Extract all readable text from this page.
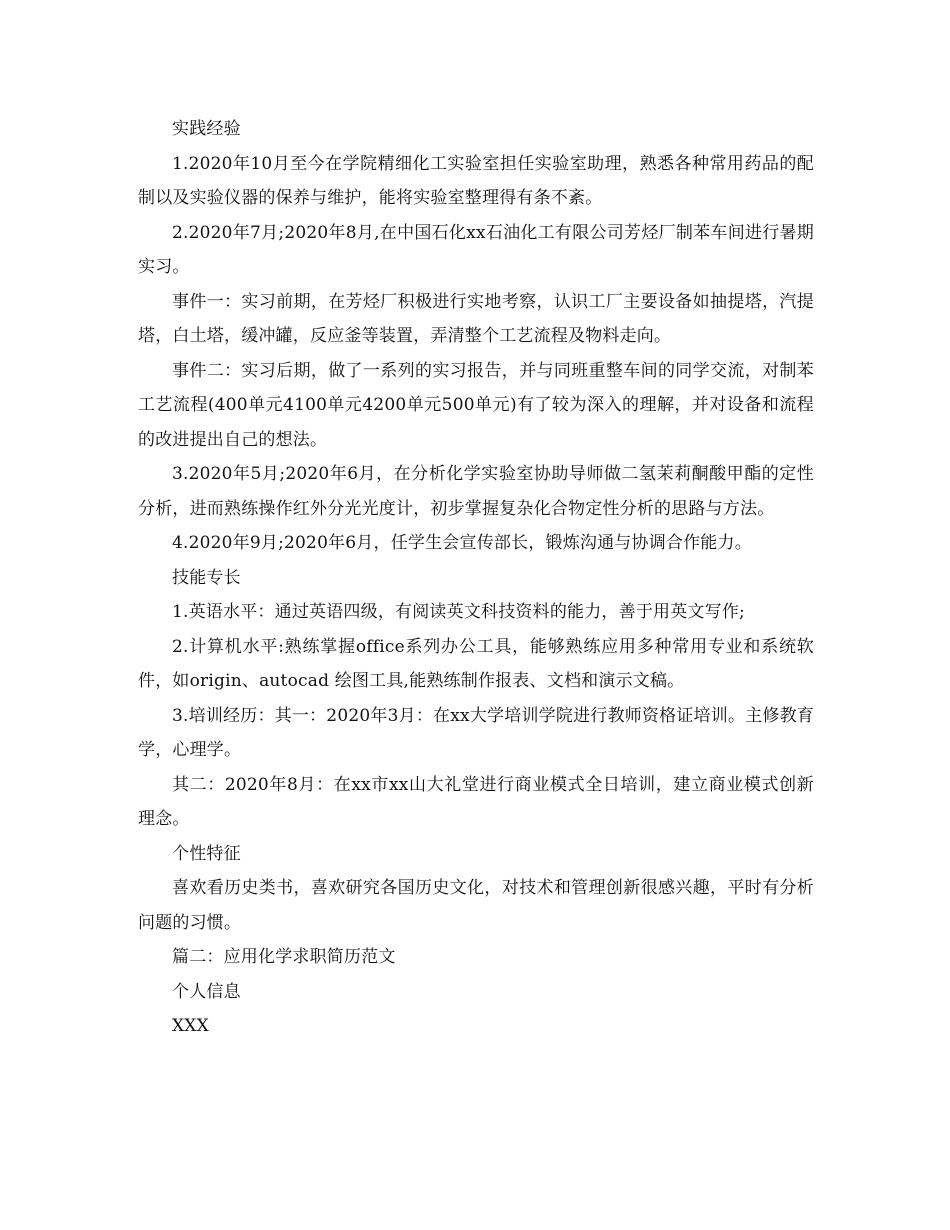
实践经验

1.2020年10月至今在学院精细化工实验室担任实验室助理，熟悉各种常用药品的配制以及实验仪器的保养与维护，能将实验室整理得有条不紊。

2.2020年7月;2020年8月,在中国石化xx石油化工有限公司芳烃厂制苯车间进行暑期实习。

事件一：实习前期，在芳烃厂积极进行实地考察，认识工厂主要设备如抽提塔，汽提塔，白土塔，缓冲罐，反应釜等装置，弄清整个工艺流程及物料走向。

事件二：实习后期，做了一系列的实习报告，并与同班重整车间的同学交流，对制苯工艺流程(400单元4100单元4200单元500单元)有了较为深入的理解，并对设备和流程的改进提出自己的想法。

3.2020年5月;2020年6月，在分析化学实验室协助导师做二氢茉莉酮酸甲酯的定性分析，进而熟练操作红外分光光度计，初步掌握复杂化合物定性分析的思路与方法。

4.2020年9月;2020年6月，任学生会宣传部长，锻炼沟通与协调合作能力。

技能专长

1.英语水平：通过英语四级，有阅读英文科技资料的能力，善于用英文写作;

2.计算机水平:熟练掌握office系列办公工具，能够熟练应用多种常用专业和系统软件，如origin、autocad 绘图工具,能熟练制作报表、文档和演示文稿。

3.培训经历：其一：2020年3月：在xx大学培训学院进行教师资格证培训。主修教育学，心理学。

其二：2020年8月：在xx市xx山大礼堂进行商业模式全日培训，建立商业模式创新理念。

个性特征

喜欢看历史类书，喜欢研究各国历史文化，对技术和管理创新很感兴趣，平时有分析问题的习惯。

篇二：应用化学求职简历范文

个人信息

XXX
